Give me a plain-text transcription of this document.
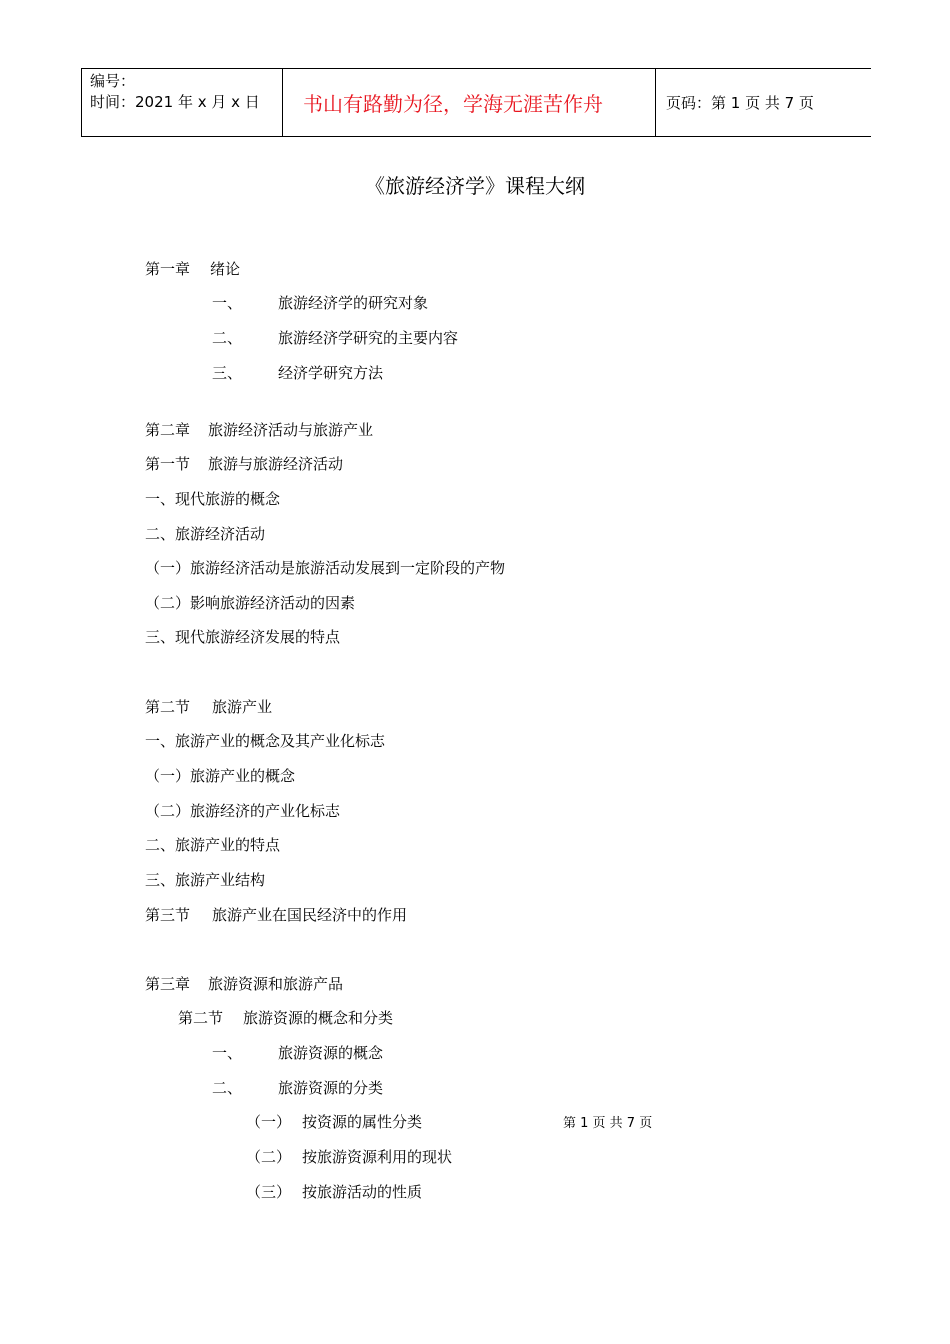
编号：
时间：2021 年 x 月 x 日	书山有路勤为径，学海无涯苦作舟	页码：第 1 页 共 7 页
《旅游经济学》课程大纲
第一章 绪论
一、 旅游经济学的研究对象
二、 旅游经济学研究的主要内容
三、 经济学研究方法
第二章 旅游经济活动与旅游产业
第一节 旅游与旅游经济活动
一、现代旅游的概念
二、旅游经济活动
（一）旅游经济活动是旅游活动发展到一定阶段的产物
（二）影响旅游经济活动的因素
三、现代旅游经济发展的特点
第二节 旅游产业
一、旅游产业的概念及其产业化标志
（一）旅游产业的概念
（二）旅游经济的产业化标志
二、旅游产业的特点
三、旅游产业结构
第三节 旅游产业在国民经济中的作用
第三章 旅游资源和旅游产品
第二节 旅游资源的概念和分类
一、 旅游资源的概念
二、 旅游资源的分类
（一） 按资源的属性分类
（二） 按旅游资源利用的现状
（三） 按旅游活动的性质
第 1 页 共 7 页
